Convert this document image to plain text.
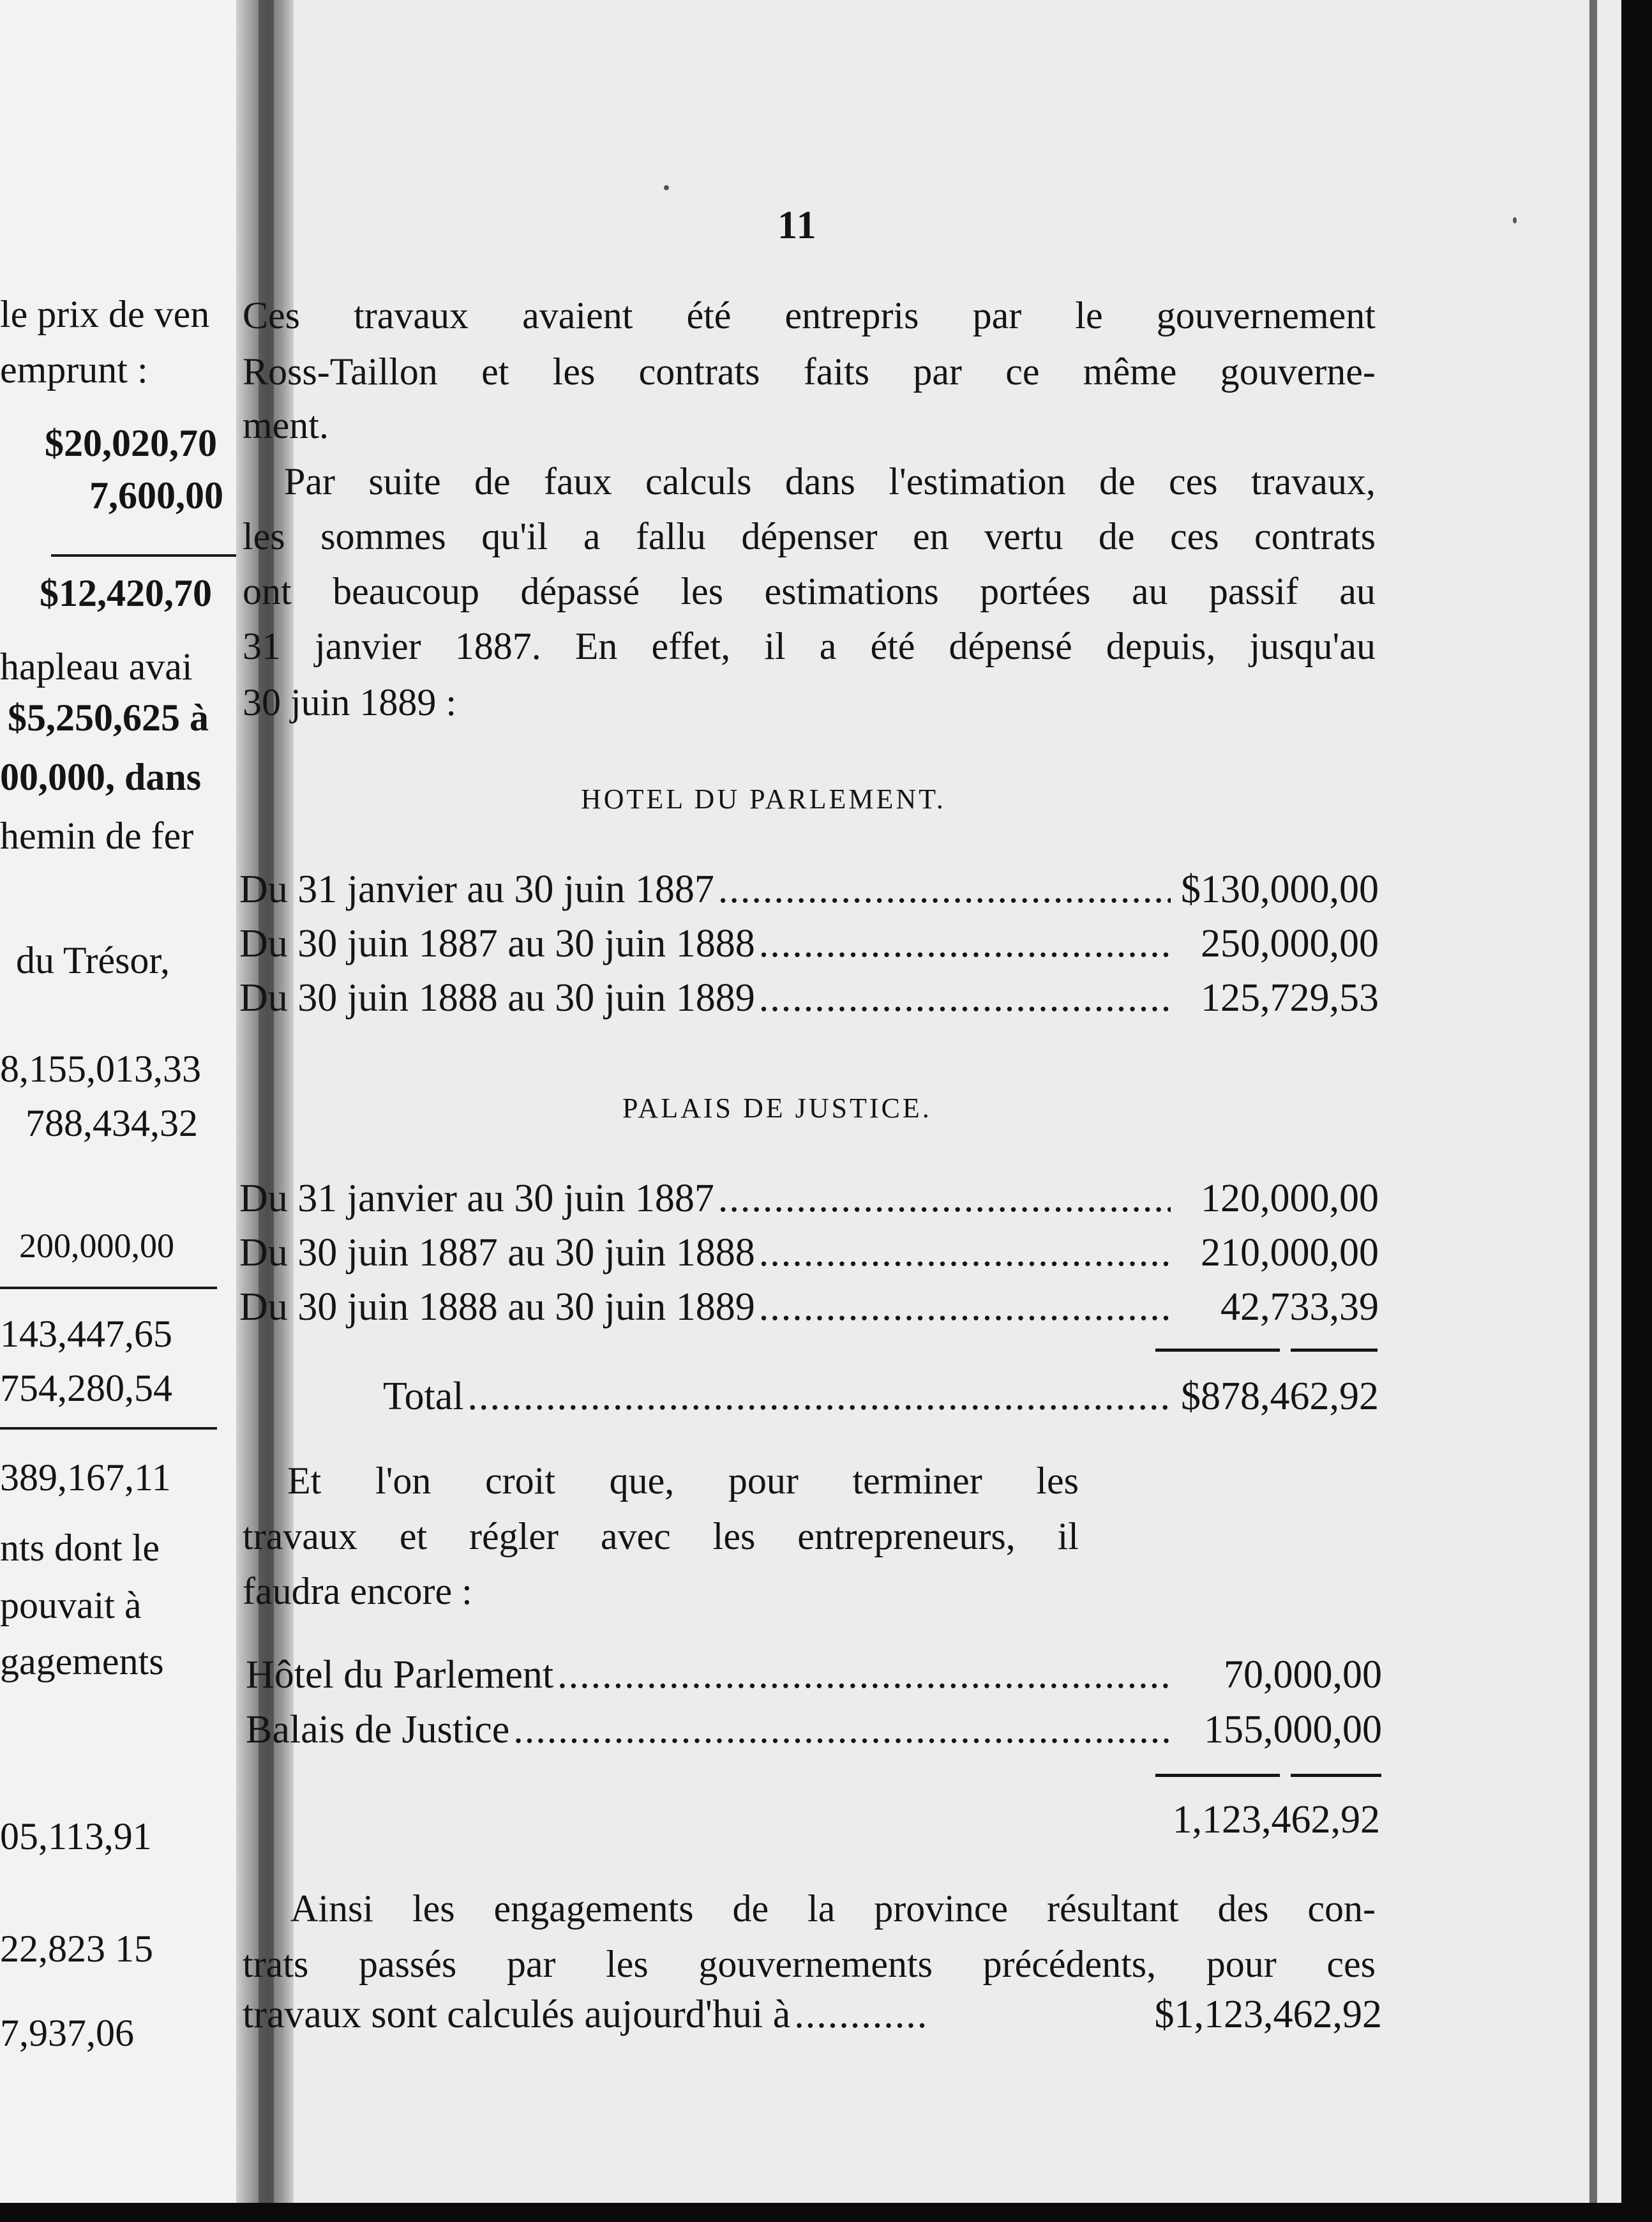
le prix de ven
emprunt :
$20,020,70
7,600,00
$12,420,70
hapleau avai
$5,250,625 à
00,000, dans
hemin de fer
du Trésor,
8,155,013,33
788,434,32
200,000,00
143,447,65
754,280,54
389,167,11
nts dont le
pouvait à
gagements
05,113,91
22,823 15
7,937,06
11
Ces travaux avaient été entrepris par le gouvernement
Ross-Taillon et les contrats faits par ce même gouverne-
ment.
Par suite de faux calculs dans l'estimation de ces travaux,
les sommes qu'il a fallu dépenser en vertu de ces contrats
ont beaucoup dépassé les estimations portées au passif au
31 janvier 1887. En effet, il a été dépensé depuis, jusqu'au
30 juin 1889 :
HOTEL DU PARLEMENT.
Du 31 janvier au 30 juin 1887 .....	$130,000,00
Du 30 juin 1887 au 30 juin 1888 .....	250,000,00
Du 30 juin 1888 au 30 juin 1889 .....	125,729,53
PALAIS DE JUSTICE.
Du 31 janvier au 30 juin 1887 .....	120,000,00
Du 30 juin 1887 au 30 juin 1888 .....	210,000,00
Du 30 juin 1888 au 30 juin 1889 .....	42,733,39
Total .....	$878,462,92
Et l'on croit que, pour terminer les
travaux et régler avec les entrepreneurs, il
faudra encore :
Hôtel du Parlement .....	70,000,00
Balais de Justice .....	155,000,00
1,123,462,92
Ainsi les engagements de la province résultant des con-
trats passés par les gouvernements précédents, pour ces
travaux sont calculés aujourd'hui à .....	$1,123,462,92
